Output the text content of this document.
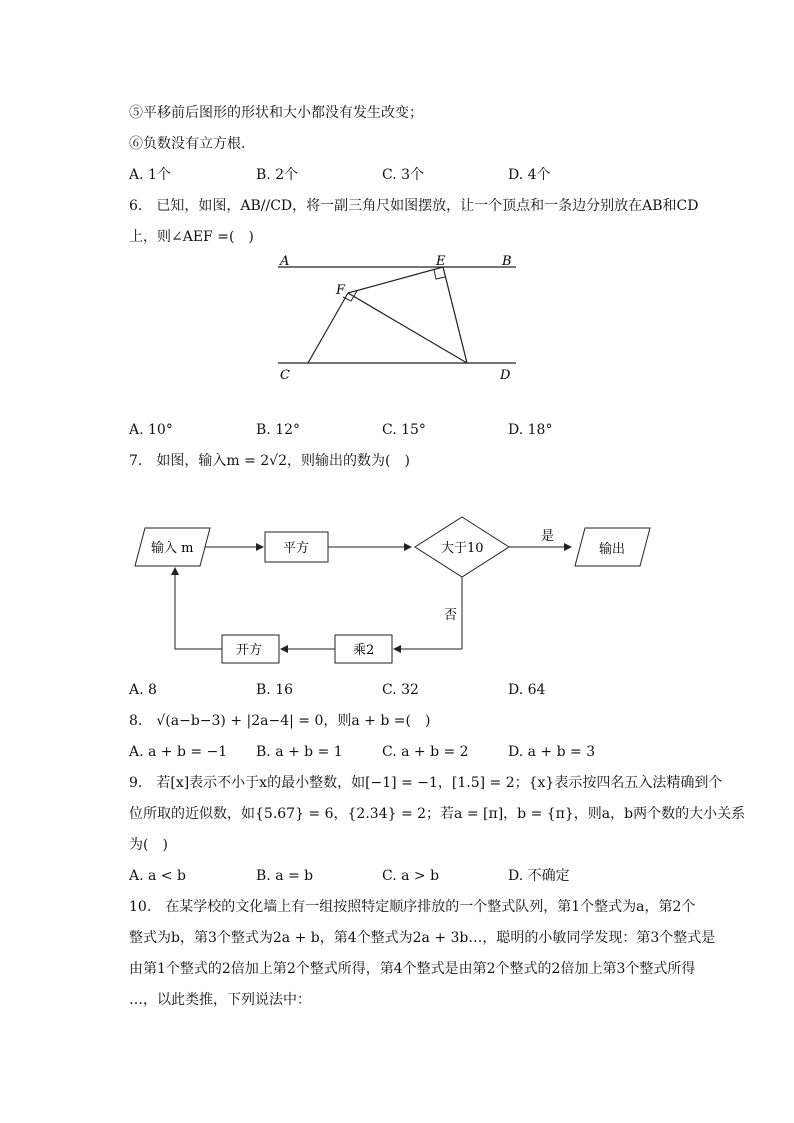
⑤平移前后图形的形状和大小都没有发生改变；
⑥负数没有立方根．
A. 1个	B. 2个	C. 3个	D. 4个
6.　已知，如图，AB//CD，将一副三角尺如图摆放，让一个顶点和一条边分别放在AB和CD
上，则∠AEF =(　)
A	E	B
F
C	D
A. 10°	B. 12°	C. 15°	D. 18°
7.　如图，输入m = 2√2，则输出的数为(　)
输入 m	平方	大于10
是
输出
否
乘2
开方
A. 8	B. 16	C. 32	D. 64
8.　√(a−b−3) + |2a−4| = 0，则a + b =(　)
A. a + b = −1 B. a + b = 1	C. a + b = 2	D. a + b = 3
9.　若[x]表示不小于x的最小整数，如[−1] = −1，[1.5] = 2；{x}表示按四名五入法精确到个
位所取的近似数，如{5.67} = 6，{2.34} = 2；若a = [π]，b = {π}，则a，b两个数的大小关系
为(　)
A. a < b	B. a = b	C. a > b	D. 不确定
10.　在某学校的文化墙上有一组按照特定顺序排放的一个整式队列，第1个整式为a，第2个
整式为b，第3个整式为2a + b，第4个整式为2a + 3b…，聪明的小敏同学发现：第3个整式是
由第1个整式的2倍加上第2个整式所得，第4个整式是由第2个整式的2倍加上第3个整式所得
…，以此类推，下列说法中：
